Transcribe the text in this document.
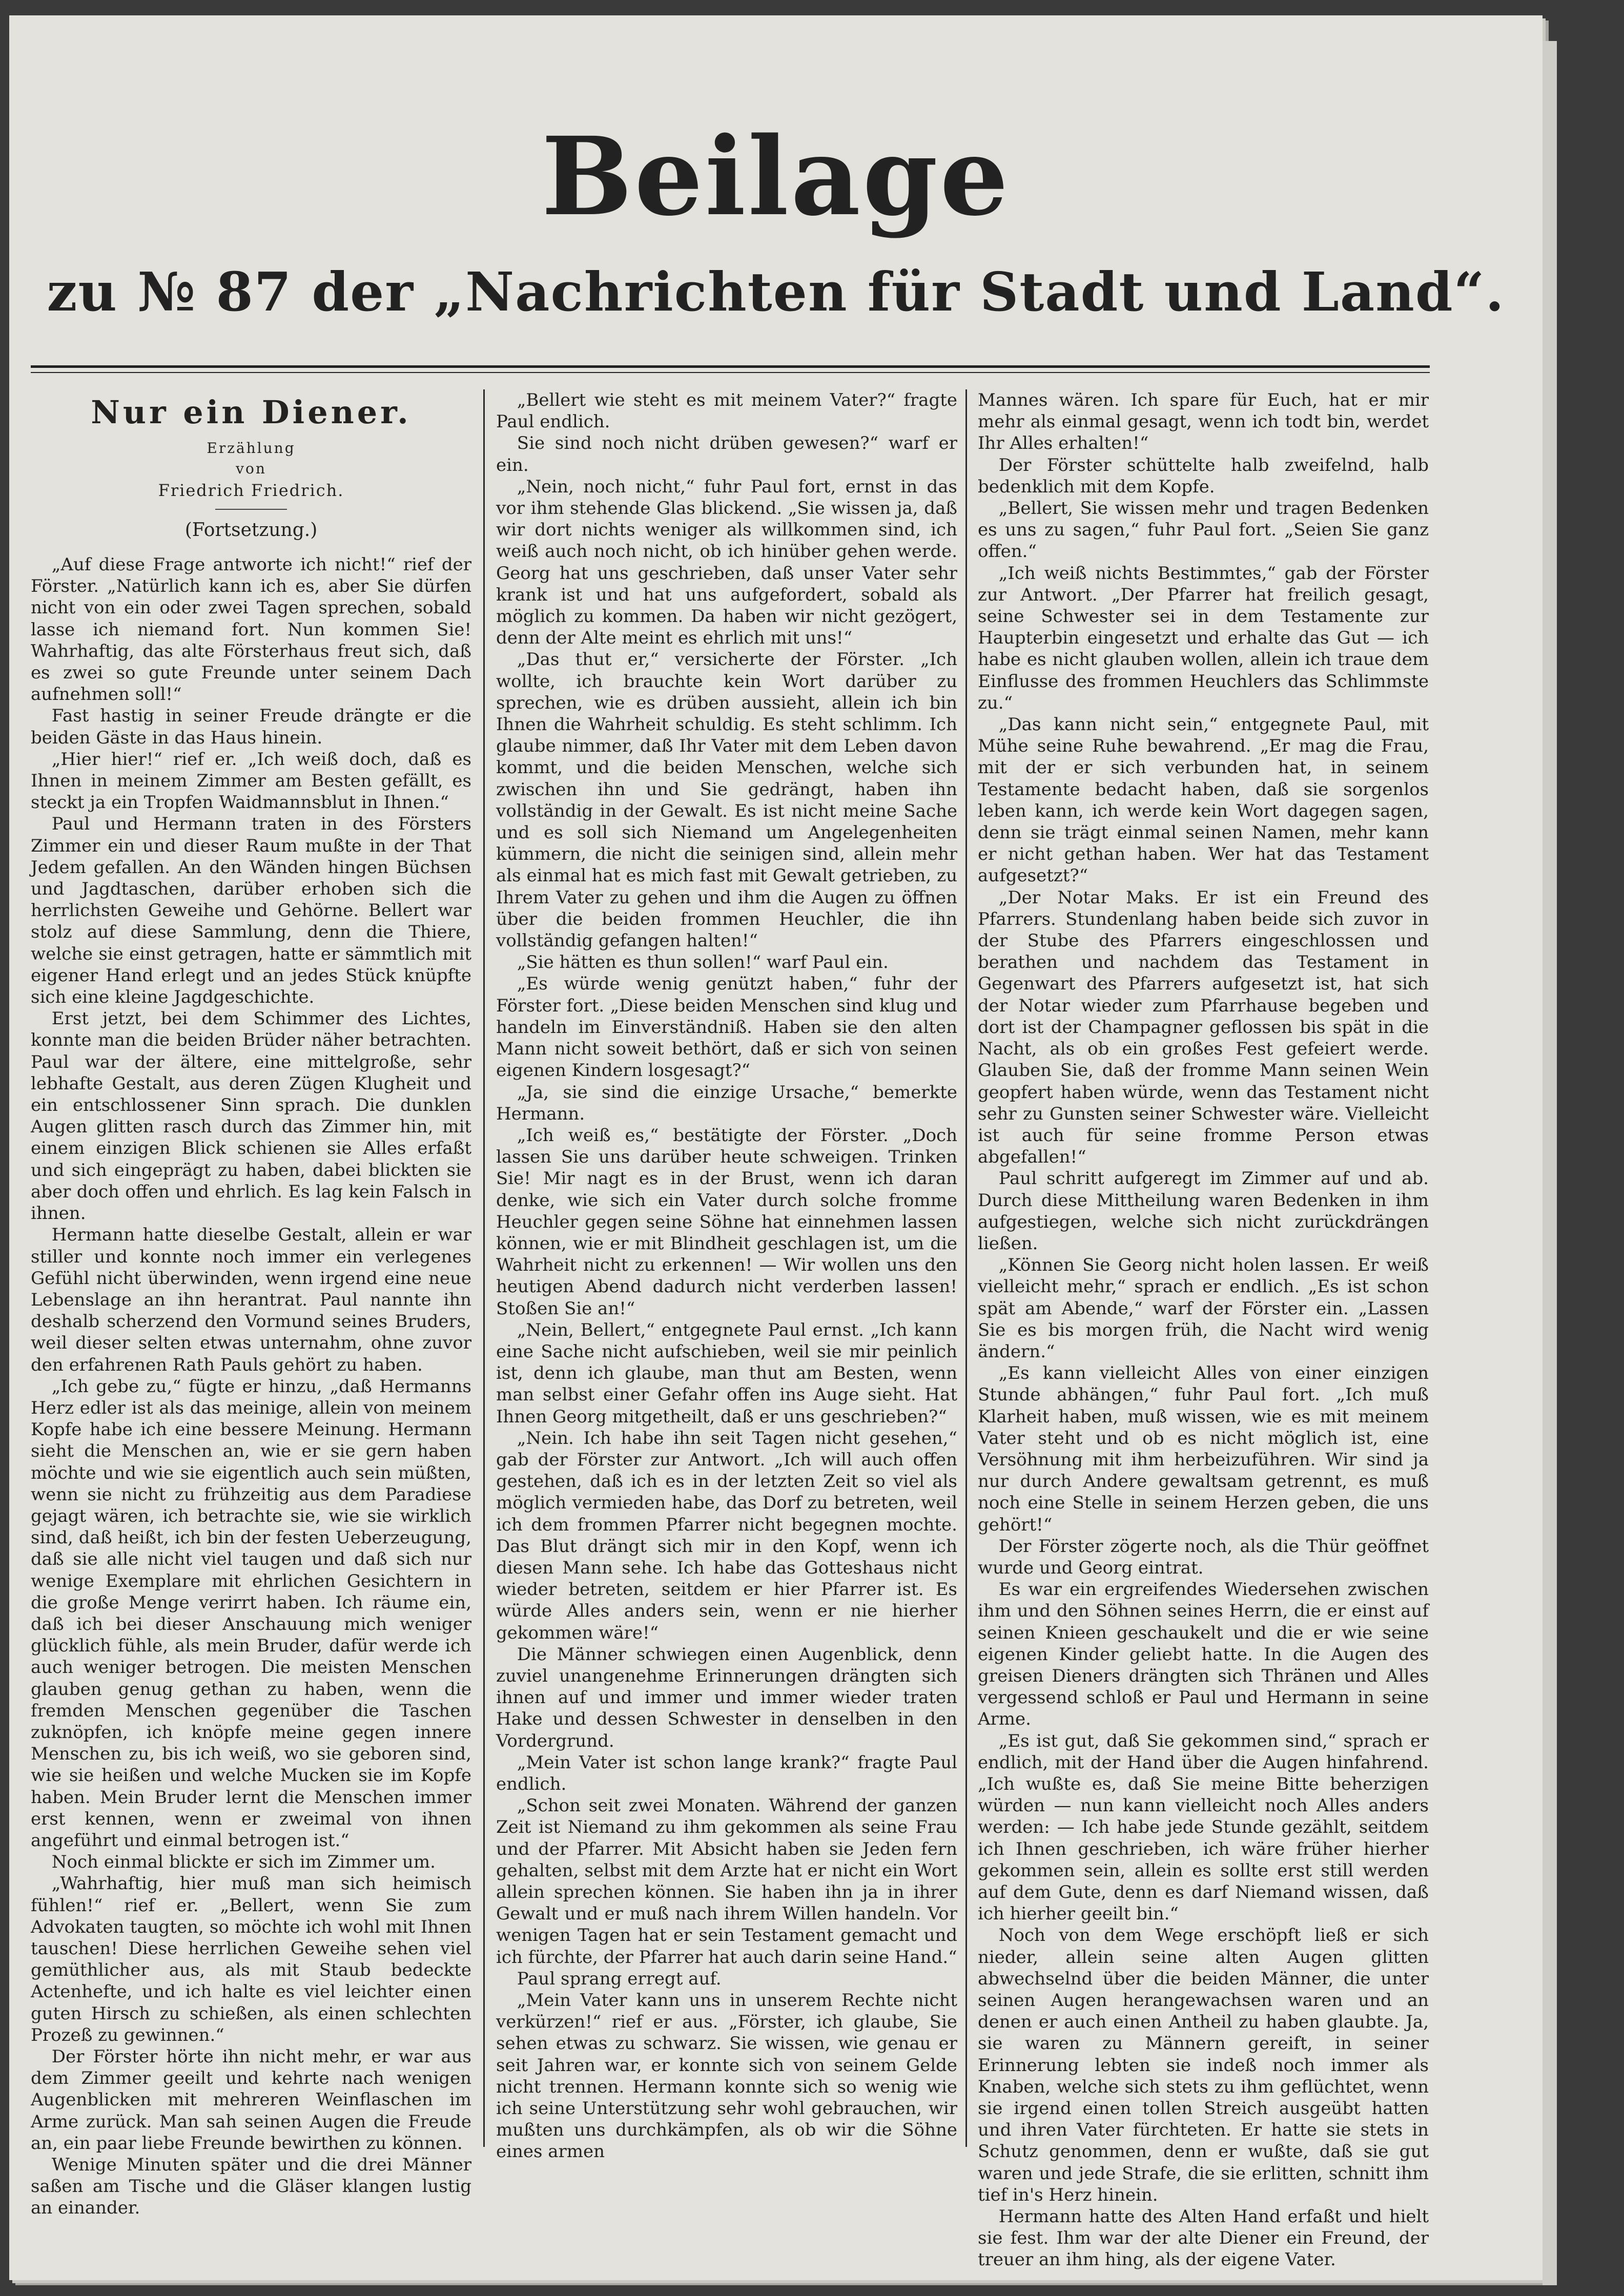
Beilage
zu № 87 der „Nachrichten für Stadt und Land“.
Nur ein Diener.
Erzählung
von
Friedrich Friedrich.
(Fortsetzung.)

„Auf diese Frage antworte ich nicht!“ rief der Förster. „Natürlich kann ich es, aber Sie dürfen nicht von ein oder zwei Tagen sprechen, sobald lasse ich niemand fort. Nun kommen Sie! Wahrhaftig, das alte Försterhaus freut sich, daß es zwei so gute Freunde unter seinem Dach aufnehmen soll!“

Fast hastig in seiner Freude drängte er die beiden Gäste in das Haus hinein.

„Hier hier!“ rief er. „Ich weiß doch, daß es Ihnen in meinem Zimmer am Besten gefällt, es steckt ja ein Tropfen Waidmannsblut in Ihnen.“

Paul und Hermann traten in des Försters Zimmer ein und dieser Raum mußte in der That Jedem gefallen. An den Wänden hingen Büchsen und Jagdtaschen, darüber erhoben sich die herrlichsten Geweihe und Gehörne. Bellert war stolz auf diese Sammlung, denn die Thiere, welche sie einst getragen, hatte er sämmtlich mit eigener Hand erlegt und an jedes Stück knüpfte sich eine kleine Jagdgeschichte.

Erst jetzt, bei dem Schimmer des Lichtes, konnte man die beiden Brüder näher betrachten. Paul war der ältere, eine mittelgroße, sehr lebhafte Gestalt, aus deren Zügen Klugheit und ein entschlossener Sinn sprach. Die dunklen Augen glitten rasch durch das Zimmer hin, mit einem einzigen Blick schienen sie Alles erfaßt und sich eingeprägt zu haben, dabei blickten sie aber doch offen und ehrlich. Es lag kein Falsch in ihnen.

Hermann hatte dieselbe Gestalt, allein er war stiller und konnte noch immer ein verlegenes Gefühl nicht überwinden, wenn irgend eine neue Lebenslage an ihn herantrat. Paul nannte ihn deshalb scherzend den Vormund seines Bruders, weil dieser selten etwas unternahm, ohne zuvor den erfahrenen Rath Pauls gehört zu haben.

„Ich gebe zu,“ fügte er hinzu, „daß Hermanns Herz edler ist als das meinige, allein von meinem Kopfe habe ich eine bessere Meinung. Hermann sieht die Menschen an, wie er sie gern haben möchte und wie sie eigentlich auch sein müßten, wenn sie nicht zu frühzeitig aus dem Paradiese gejagt wären, ich betrachte sie, wie sie wirklich sind, daß heißt, ich bin der festen Ueberzeugung, daß sie alle nicht viel taugen und daß sich nur wenige Exemplare mit ehrlichen Gesichtern in die große Menge verirrt haben. Ich räume ein, daß ich bei dieser Anschauung mich weniger glücklich fühle, als mein Bruder, dafür werde ich auch weniger betrogen. Die meisten Menschen glauben genug gethan zu haben, wenn die fremden Menschen gegenüber die Taschen zuknöpfen, ich knöpfe meine gegen innere Menschen zu, bis ich weiß, wo sie geboren sind, wie sie heißen und welche Mucken sie im Kopfe haben. Mein Bruder lernt die Menschen immer erst kennen, wenn er zweimal von ihnen angeführt und einmal betrogen ist.“

Noch einmal blickte er sich im Zimmer um.

„Wahrhaftig, hier muß man sich heimisch fühlen!“ rief er. „Bellert, wenn Sie zum Advokaten taugten, so möchte ich wohl mit Ihnen tauschen! Diese herrlichen Geweihe sehen viel gemüthlicher aus, als mit Staub bedeckte Actenhefte, und ich halte es viel leichter einen guten Hirsch zu schießen, als einen schlechten Prozeß zu gewinnen.“

Der Förster hörte ihn nicht mehr, er war aus dem Zimmer geeilt und kehrte nach wenigen Augenblicken mit mehreren Weinflaschen im Arme zurück. Man sah seinen Augen die Freude an, ein paar liebe Freunde bewirthen zu können.

Wenige Minuten später und die drei Männer saßen am Tische und die Gläser klangen lustig an einander.

„Bellert wie steht es mit meinem Vater?“ fragte Paul endlich.

Sie sind noch nicht drüben gewesen?“ warf er ein.

„Nein, noch nicht,“ fuhr Paul fort, ernst in das vor ihm stehende Glas blickend. „Sie wissen ja, daß wir dort nichts weniger als willkommen sind, ich weiß auch noch nicht, ob ich hinüber gehen werde. Georg hat uns geschrieben, daß unser Vater sehr krank ist und hat uns aufgefordert, sobald als möglich zu kommen. Da haben wir nicht gezögert, denn der Alte meint es ehrlich mit uns!“

„Das thut er,“ versicherte der Förster. „Ich wollte, ich brauchte kein Wort darüber zu sprechen, wie es drüben aussieht, allein ich bin Ihnen die Wahrheit schuldig. Es steht schlimm. Ich glaube nimmer, daß Ihr Vater mit dem Leben davon kommt, und die beiden Menschen, welche sich zwischen ihn und Sie gedrängt, haben ihn vollständig in der Gewalt. Es ist nicht meine Sache und es soll sich Niemand um Angelegenheiten kümmern, die nicht die seinigen sind, allein mehr als einmal hat es mich fast mit Gewalt getrieben, zu Ihrem Vater zu gehen und ihm die Augen zu öffnen über die beiden frommen Heuchler, die ihn vollständig gefangen halten!“

„Sie hätten es thun sollen!“ warf Paul ein.

„Es würde wenig genützt haben,“ fuhr der Förster fort. „Diese beiden Menschen sind klug und handeln im Einverständniß. Haben sie den alten Mann nicht soweit bethört, daß er sich von seinen eigenen Kindern losgesagt?“

„Ja, sie sind die einzige Ursache,“ bemerkte Hermann.

„Ich weiß es,“ bestätigte der Förster. „Doch lassen Sie uns darüber heute schweigen. Trinken Sie! Mir nagt es in der Brust, wenn ich daran denke, wie sich ein Vater durch solche fromme Heuchler gegen seine Söhne hat einnehmen lassen können, wie er mit Blindheit geschlagen ist, um die Wahrheit nicht zu erkennen! — Wir wollen uns den heutigen Abend dadurch nicht verderben lassen! Stoßen Sie an!“

„Nein, Bellert,“ entgegnete Paul ernst. „Ich kann eine Sache nicht aufschieben, weil sie mir peinlich ist, denn ich glaube, man thut am Besten, wenn man selbst einer Gefahr offen ins Auge sieht. Hat Ihnen Georg mitgetheilt, daß er uns geschrieben?“

„Nein. Ich habe ihn seit Tagen nicht gesehen,“ gab der Förster zur Antwort. „Ich will auch offen gestehen, daß ich es in der letzten Zeit so viel als möglich vermieden habe, das Dorf zu betreten, weil ich dem frommen Pfarrer nicht begegnen mochte. Das Blut drängt sich mir in den Kopf, wenn ich diesen Mann sehe. Ich habe das Gotteshaus nicht wieder betreten, seitdem er hier Pfarrer ist. Es würde Alles anders sein, wenn er nie hierher gekommen wäre!“

Die Männer schwiegen einen Augenblick, denn zuviel unangenehme Erinnerungen drängten sich ihnen auf und immer und immer wieder traten Hake und dessen Schwester in denselben in den Vordergrund.

„Mein Vater ist schon lange krank?“ fragte Paul endlich.

„Schon seit zwei Monaten. Während der ganzen Zeit ist Niemand zu ihm gekommen als seine Frau und der Pfarrer. Mit Absicht haben sie Jeden fern gehalten, selbst mit dem Arzte hat er nicht ein Wort allein sprechen können. Sie haben ihn ja in ihrer Gewalt und er muß nach ihrem Willen handeln. Vor wenigen Tagen hat er sein Testament gemacht und ich fürchte, der Pfarrer hat auch darin seine Hand.“

Paul sprang erregt auf.

„Mein Vater kann uns in unserem Rechte nicht verkürzen!“ rief er aus. „Förster, ich glaube, Sie sehen etwas zu schwarz. Sie wissen, wie genau er seit Jahren war, er konnte sich von seinem Gelde nicht trennen. Hermann konnte sich so wenig wie ich seine Unterstützung sehr wohl gebrauchen, wir mußten uns durchkämpfen, als ob wir die Söhne eines armen

Mannes wären. Ich spare für Euch, hat er mir mehr als einmal gesagt, wenn ich todt bin, werdet Ihr Alles erhalten!“

Der Förster schüttelte halb zweifelnd, halb bedenklich mit dem Kopfe.

„Bellert, Sie wissen mehr und tragen Bedenken es uns zu sagen,“ fuhr Paul fort. „Seien Sie ganz offen.“

„Ich weiß nichts Bestimmtes,“ gab der Förster zur Antwort. „Der Pfarrer hat freilich gesagt, seine Schwester sei in dem Testamente zur Haupterbin eingesetzt und erhalte das Gut — ich habe es nicht glauben wollen, allein ich traue dem Einflusse des frommen Heuchlers das Schlimmste zu.“

„Das kann nicht sein,“ entgegnete Paul, mit Mühe seine Ruhe bewahrend. „Er mag die Frau, mit der er sich verbunden hat, in seinem Testamente bedacht haben, daß sie sorgenlos leben kann, ich werde kein Wort dagegen sagen, denn sie trägt einmal seinen Namen, mehr kann er nicht gethan haben. Wer hat das Testament aufgesetzt?“

„Der Notar Maks. Er ist ein Freund des Pfarrers. Stundenlang haben beide sich zuvor in der Stube des Pfarrers eingeschlossen und berathen und nachdem das Testament in Gegenwart des Pfarrers aufgesetzt ist, hat sich der Notar wieder zum Pfarrhause begeben und dort ist der Champagner geflossen bis spät in die Nacht, als ob ein großes Fest gefeiert werde. Glauben Sie, daß der fromme Mann seinen Wein geopfert haben würde, wenn das Testament nicht sehr zu Gunsten seiner Schwester wäre. Vielleicht ist auch für seine fromme Person etwas abgefallen!“

Paul schritt aufgeregt im Zimmer auf und ab. Durch diese Mittheilung waren Bedenken in ihm aufgestiegen, welche sich nicht zurückdrängen ließen.

„Können Sie Georg nicht holen lassen. Er weiß vielleicht mehr,“ sprach er endlich. „Es ist schon spät am Abende,“ warf der Förster ein. „Lassen Sie es bis morgen früh, die Nacht wird wenig ändern.“

„Es kann vielleicht Alles von einer einzigen Stunde abhängen,“ fuhr Paul fort. „Ich muß Klarheit haben, muß wissen, wie es mit meinem Vater steht und ob es nicht möglich ist, eine Versöhnung mit ihm herbeizuführen. Wir sind ja nur durch Andere gewaltsam getrennt, es muß noch eine Stelle in seinem Herzen geben, die uns gehört!“

Der Förster zögerte noch, als die Thür geöffnet wurde und Georg eintrat.

Es war ein ergreifendes Wiedersehen zwischen ihm und den Söhnen seines Herrn, die er einst auf seinen Knieen geschaukelt und die er wie seine eigenen Kinder geliebt hatte. In die Augen des greisen Dieners drängten sich Thränen und Alles vergessend schloß er Paul und Hermann in seine Arme.

„Es ist gut, daß Sie gekommen sind,“ sprach er endlich, mit der Hand über die Augen hinfahrend. „Ich wußte es, daß Sie meine Bitte beherzigen würden — nun kann vielleicht noch Alles anders werden: — Ich habe jede Stunde gezählt, seitdem ich Ihnen geschrieben, ich wäre früher hierher gekommen sein, allein es sollte erst still werden auf dem Gute, denn es darf Niemand wissen, daß ich hierher geeilt bin.“

Noch von dem Wege erschöpft ließ er sich nieder, allein seine alten Augen glitten abwechselnd über die beiden Männer, die unter seinen Augen herangewachsen waren und an denen er auch einen Antheil zu haben glaubte. Ja, sie waren zu Männern gereift, in seiner Erinnerung lebten sie indeß noch immer als Knaben, welche sich stets zu ihm geflüchtet, wenn sie irgend einen tollen Streich ausgeübt hatten und ihren Vater fürchteten. Er hatte sie stets in Schutz genommen, denn er wußte, daß sie gut waren und jede Strafe, die sie erlitten, schnitt ihm tief in's Herz hinein.

Hermann hatte des Alten Hand erfaßt und hielt sie fest. Ihm war der alte Diener ein Freund, der treuer an ihm hing, als der eigene Vater.
